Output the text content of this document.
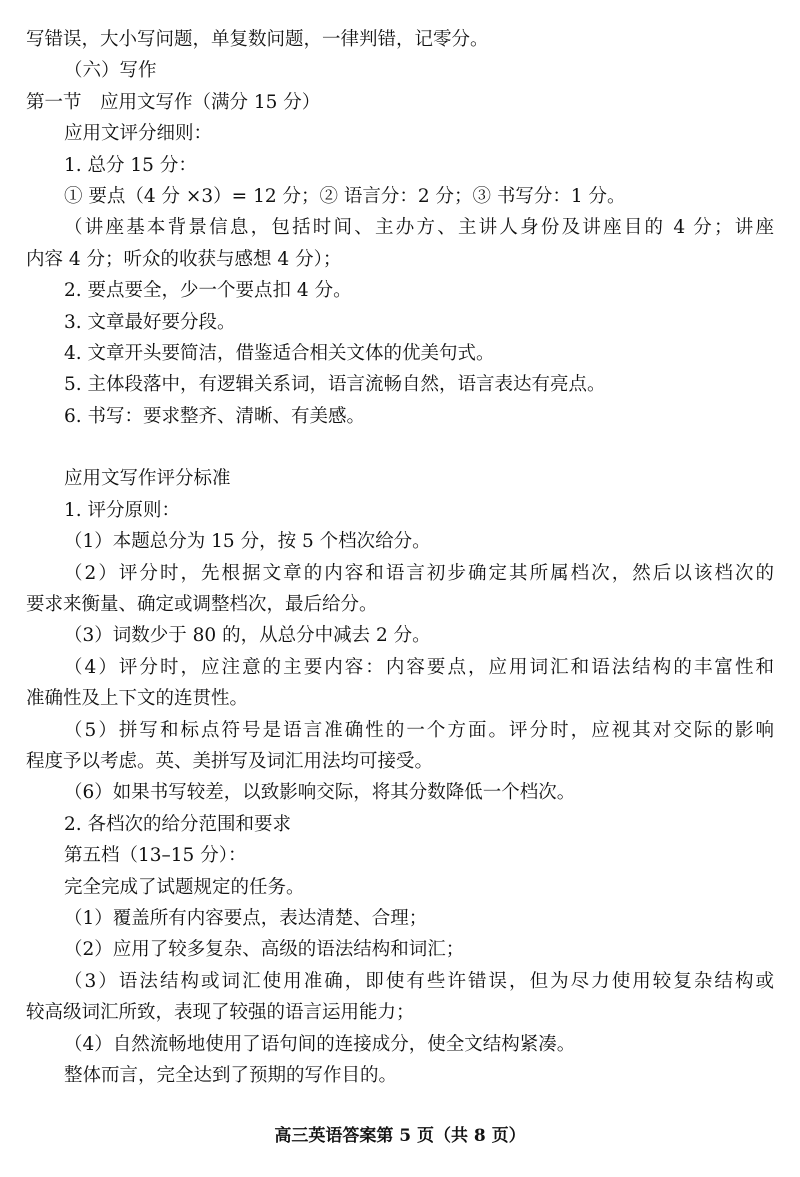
写错误，大小写问题，单复数问题，一律判错，记零分。
（六）写作
第一节　应用文写作（满分 15 分）
应用文评分细则：
1. 总分 15 分：
① 要点（4 分 ×3）= 12 分；② 语言分：2 分；③ 书写分：1 分。
（讲座基本背景信息，包括时间、主办方、主讲人身份及讲座目的 4 分；讲座
内容 4 分；听众的收获与感想 4 分）；
2. 要点要全，少一个要点扣 4 分。
3. 文章最好要分段。
4. 文章开头要简洁，借鉴适合相关文体的优美句式。
5. 主体段落中，有逻辑关系词，语言流畅自然，语言表达有亮点。
6. 书写：要求整齐、清晰、有美感。
应用文写作评分标准
1. 评分原则：
（1）本题总分为 15 分，按 5 个档次给分。
（2）评分时，先根据文章的内容和语言初步确定其所属档次，然后以该档次的
要求来衡量、确定或调整档次，最后给分。
（3）词数少于 80 的，从总分中减去 2 分。
（4）评分时，应注意的主要内容：内容要点，应用词汇和语法结构的丰富性和
准确性及上下文的连贯性。
（5）拼写和标点符号是语言准确性的一个方面。评分时，应视其对交际的影响
程度予以考虑。英、美拼写及词汇用法均可接受。
（6）如果书写较差，以致影响交际，将其分数降低一个档次。
2. 各档次的给分范围和要求
第五档（13–15 分）：
完全完成了试题规定的任务。
（1）覆盖所有内容要点，表达清楚、合理；
（2）应用了较多复杂、高级的语法结构和词汇；
（3）语法结构或词汇使用准确，即使有些许错误，但为尽力使用较复杂结构或
较高级词汇所致，表现了较强的语言运用能力；
（4）自然流畅地使用了语句间的连接成分，使全文结构紧凑。
整体而言，完全达到了预期的写作目的。
高三英语答案第 5 页（共 8 页）
